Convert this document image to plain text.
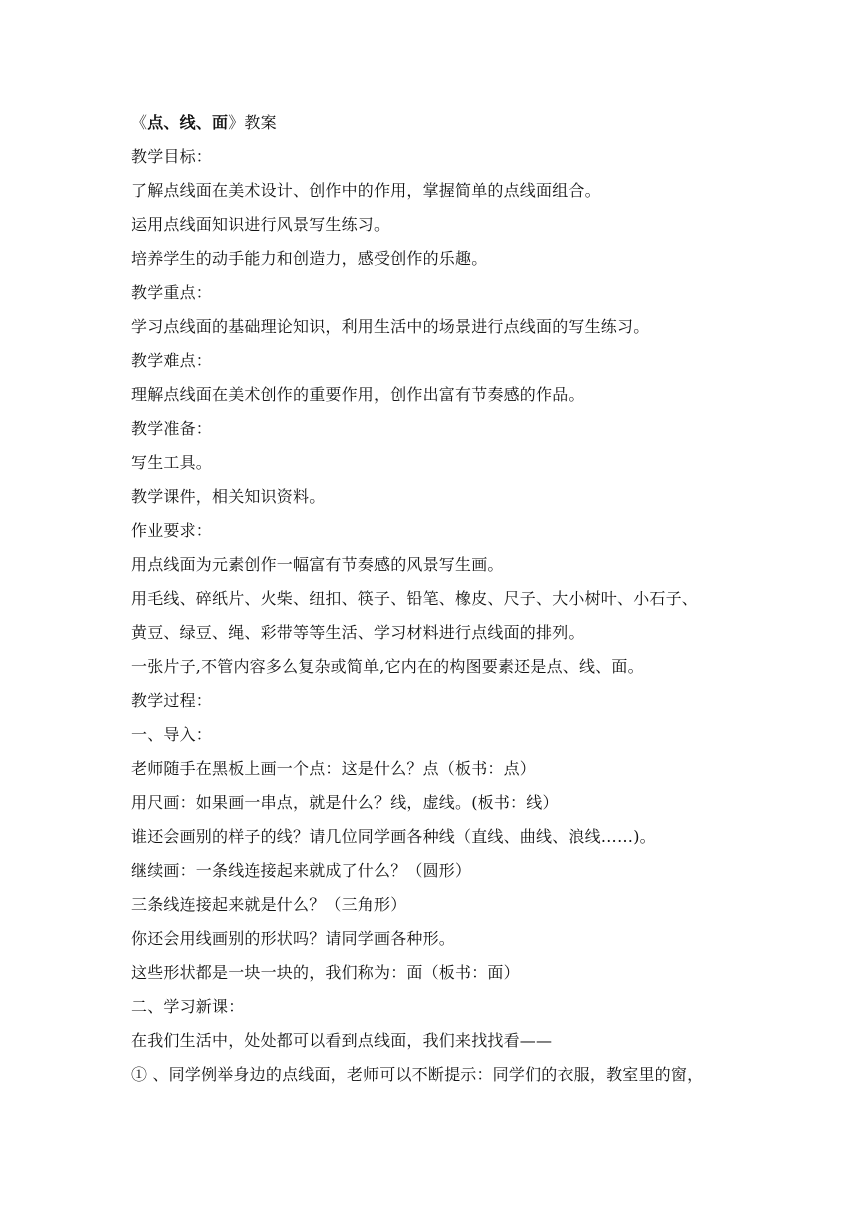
《点、线、面》教案
教学目标：
了解点线面在美术设计、创作中的作用，掌握简单的点线面组合。
运用点线面知识进行风景写生练习。
培养学生的动手能力和创造力，感受创作的乐趣。
教学重点：
学习点线面的基础理论知识，利用生活中的场景进行点线面的写生练习。
教学难点：
理解点线面在美术创作的重要作用，创作出富有节奏感的作品。
教学准备：
写生工具。
教学课件，相关知识资料。
作业要求：
用点线面为元素创作一幅富有节奏感的风景写生画。
用毛线、碎纸片、火柴、纽扣、筷子、铅笔、橡皮、尺子、大小树叶、小石子、
黄豆、绿豆、绳、彩带等等生活、学习材料进行点线面的排列。
一张片子,不管内容多么复杂或简单,它内在的构图要素还是点、线、面。
教学过程：
一、导入：
老师随手在黑板上画一个点：这是什么？点（板书：点）
用尺画：如果画一串点，就是什么？线，虚线。(板书：线）
谁还会画别的样子的线？请几位同学画各种线（直线、曲线、浪线……)。
继续画：一条线连接起来就成了什么？（圆形）
三条线连接起来就是什么？（三角形）
你还会用线画别的形状吗？请同学画各种形。
这些形状都是一块一块的，我们称为：面（板书：面）
二、学习新课：
在我们生活中，处处都可以看到点线面，我们来找找看——
① 、同学例举身边的点线面，老师可以不断提示：同学们的衣服，教室里的窗，
